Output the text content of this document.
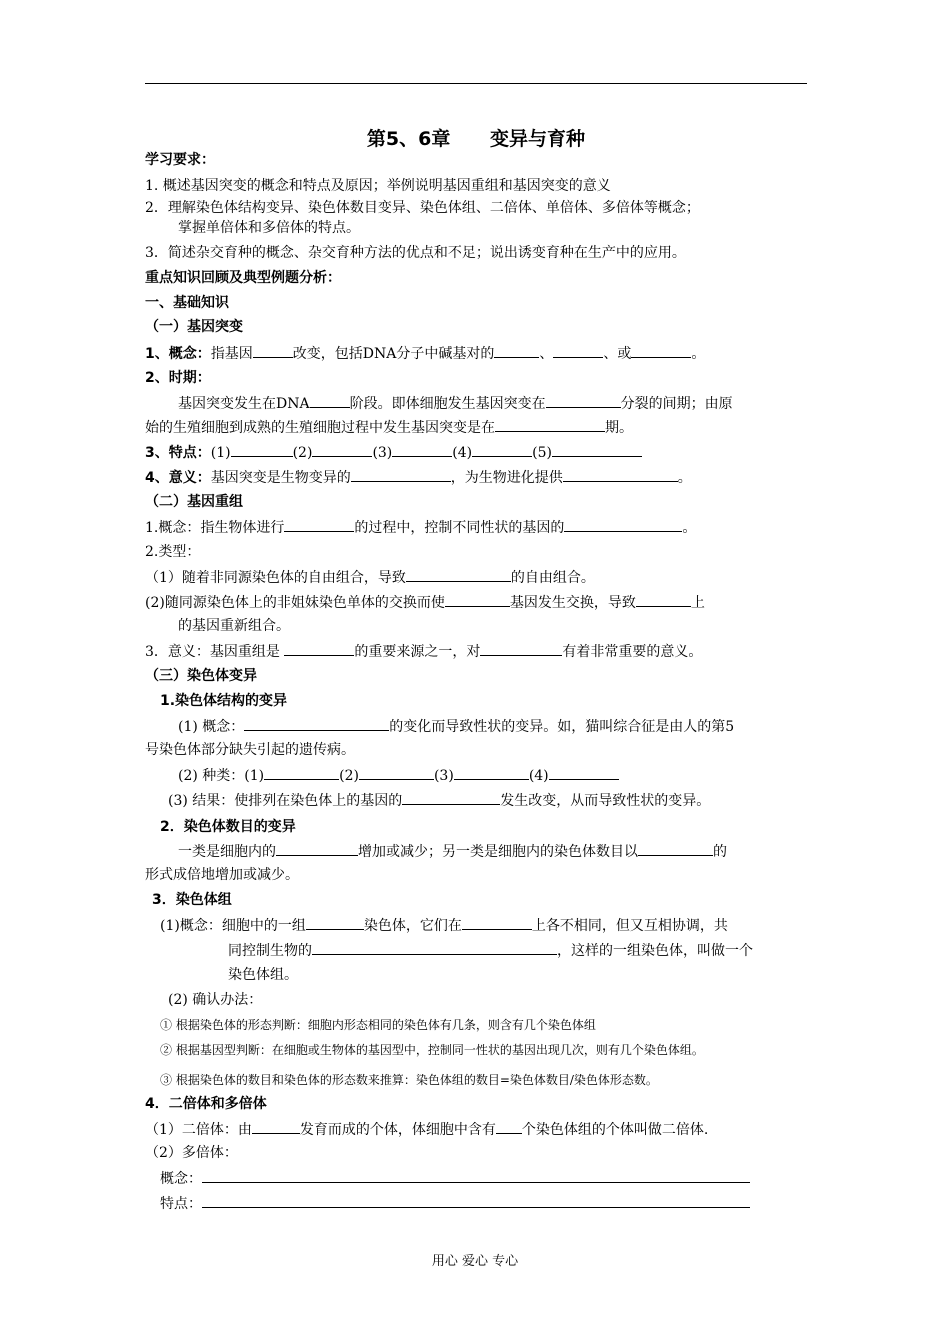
第5、6章      变异与育种
学习要求：
1. 概述基因突变的概念和特点及原因；举例说明基因重组和基因突变的意义
2．理解染色体结构变异、染色体数目变异、染色体组、二倍体、单倍体、多倍体等概念；
掌握单倍体和多倍体的特点。
3．简述杂交育种的概念、杂交育种方法的优点和不足；说出诱变育种在生产中的应用。
重点知识回顾及典型例题分析：
一、基础知识
（一）基因突变
1、概念：指基因	改变，包括DNA分子中碱基对的	、	、或	。
2、时期：
基因突变发生在DNA	阶段。即体细胞发生基因突变在	分裂的间期；由原
始的生殖细胞到成熟的生殖细胞过程中发生基因突变是在	期。
3、特点：(1)	(2)	(3)	(4)	(5)
4、意义：基因突变是生物变异的	，为生物进化提供	。
（二）基因重组
1.概念：指生物体进行	的过程中，控制不同性状的基因的	。
2.类型：
（1）随着非同源染色体的自由组合，导致	的自由组合。
(2)随同源染色体上的非姐妹染色单体的交换而使	基因发生交换，导致	上
的基因重新组合。
3．意义：基因重组是	的重要来源之一，对	有着非常重要的意义。
（三）染色体变异
1.染色体结构的变异
(1) 概念：	的变化而导致性状的变异。如，猫叫综合征是由人的第5
号染色体部分缺失引起的遗传病。
(2) 种类：(1)	(2)	(3)	(4)
(3) 结果：使排列在染色体上的基因的	发生改变，从而导致性状的变异。
2．染色体数目的变异
一类是细胞内的	增加或减少；另一类是细胞内的染色体数目以	的
形式成倍地增加或减少。
3．染色体组
(1)概念：细胞中的一组	染色体，它们在	上各不相同，但又互相协调，共
同控制生物的	，这样的一组染色体，叫做一个
染色体组。
(2) 确认办法：
① 根据染色体的形态判断：细胞内形态相同的染色体有几条，则含有几个染色体组
② 根据基因型判断：在细胞或生物体的基因型中，控制同一性状的基因出现几次，则有几个染色体组。
③ 根据染色体的数目和染色体的形态数来推算：染色体组的数目=染色体数目/染色体形态数。
4．二倍体和多倍体
（1）二倍体：由	发育而成的个体，体细胞中含有 个染色体组的个体叫做二倍体.
（2）多倍体：
概念：
特点：
用心 爱心 专心
